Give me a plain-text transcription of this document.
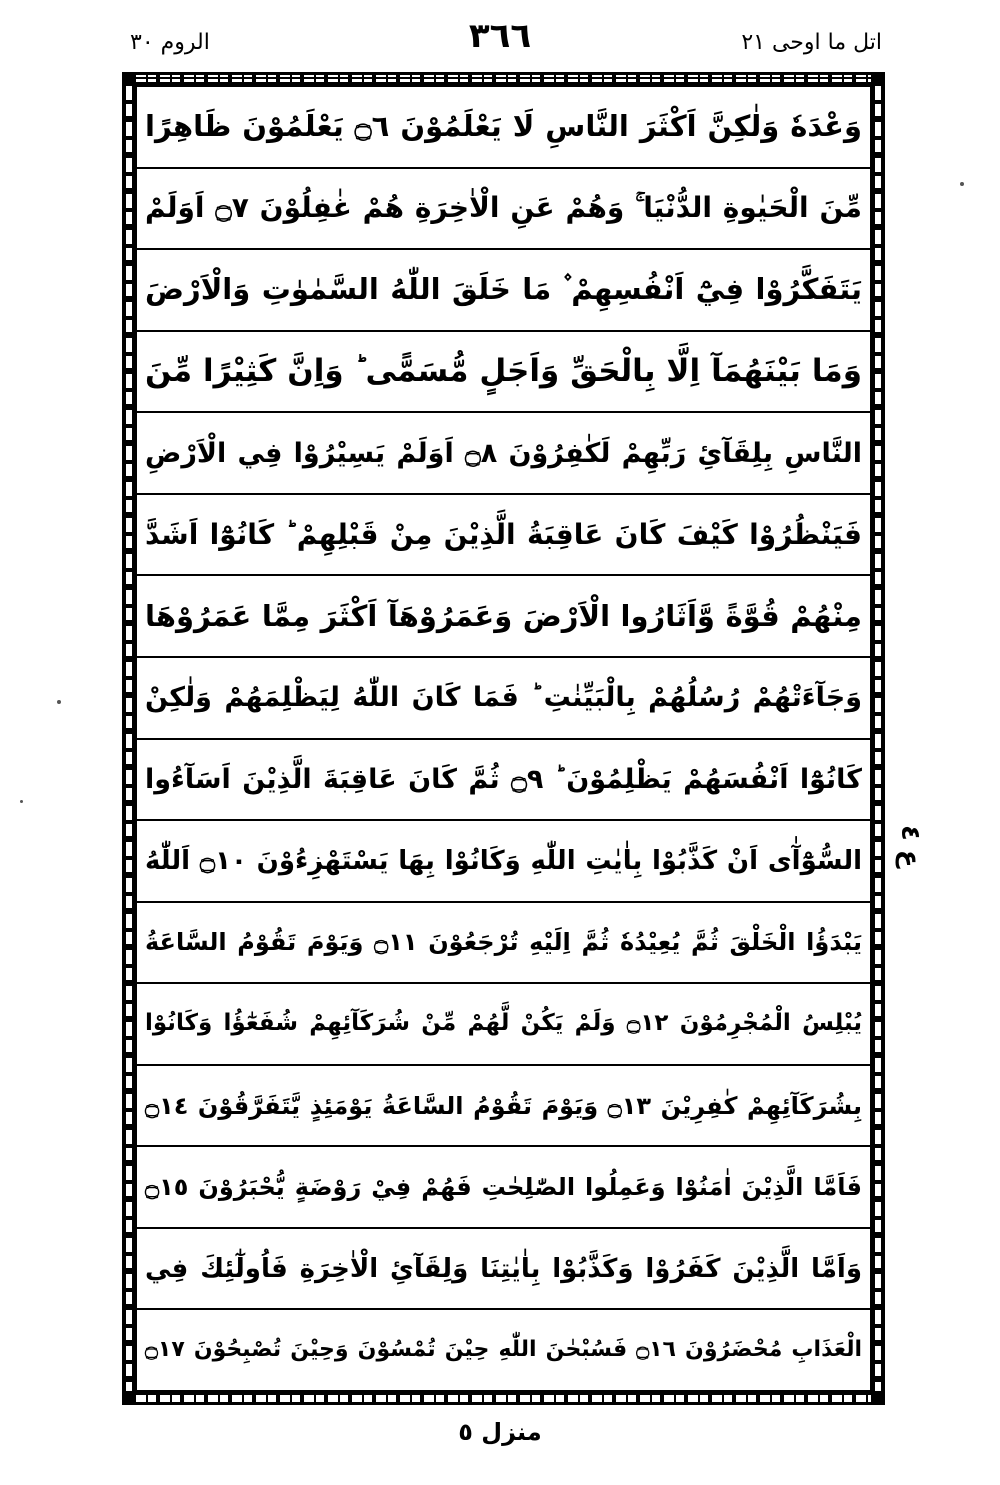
الروم ٣٠	٣٦٦	اتل ما اوحى ٢١
وَعْدَهٗ وَلٰكِنَّ اَكْثَرَ النَّاسِ لَا يَعْلَمُوْنَ ۝٦ يَعْلَمُوْنَ ظَاهِرًا
مِّنَ الْحَيٰوةِ الدُّنْيَا ۚ وَهُمْ عَنِ الْاٰخِرَةِ هُمْ غٰفِلُوْنَ ۝٧ اَوَلَمْ
يَتَفَكَّرُوْا فِيْٓ اَنْفُسِهِمْ ۫ مَا خَلَقَ اللّٰهُ السَّمٰوٰتِ وَالْاَرْضَ
وَمَا بَيْنَهُمَآ اِلَّا بِالْحَقِّ وَاَجَلٍ مُّسَمًّى ؕ وَاِنَّ كَثِيْرًا مِّنَ
النَّاسِ بِلِقَآئِ رَبِّهِمْ لَكٰفِرُوْنَ ۝٨ اَوَلَمْ يَسِيْرُوْا فِي الْاَرْضِ
فَيَنْظُرُوْا كَيْفَ كَانَ عَاقِبَةُ الَّذِيْنَ مِنْ قَبْلِهِمْ ؕ كَانُوْٓا اَشَدَّ
مِنْهُمْ قُوَّةً وَّاَثَارُوا الْاَرْضَ وَعَمَرُوْهَآ اَكْثَرَ مِمَّا عَمَرُوْهَا
وَجَآءَتْهُمْ رُسُلُهُمْ بِالْبَيِّنٰتِ ؕ فَمَا كَانَ اللّٰهُ لِيَظْلِمَهُمْ وَلٰكِنْ
كَانُوْٓا اَنْفُسَهُمْ يَظْلِمُوْنَ ؕ ۝٩ ثُمَّ كَانَ عَاقِبَةَ الَّذِيْنَ اَسَآءُوا
السُّوْٓآٰى اَنْ كَذَّبُوْا بِاٰيٰتِ اللّٰهِ وَكَانُوْا بِهَا يَسْتَهْزِءُوْنَ ۝١٠ اَللّٰهُ
يَبْدَؤُا الْخَلْقَ ثُمَّ يُعِيْدُهٗ ثُمَّ اِلَيْهِ تُرْجَعُوْنَ ۝١١ وَيَوْمَ تَقُوْمُ السَّاعَةُ
يُبْلِسُ الْمُجْرِمُوْنَ ۝١٢ وَلَمْ يَكُنْ لَّهُمْ مِّنْ شُرَكَآئِهِمْ شُفَعٰٓؤُا وَكَانُوْا
بِشُرَكَآئِهِمْ كٰفِرِيْنَ ۝١٣ وَيَوْمَ تَقُوْمُ السَّاعَةُ يَوْمَئِذٍ يَّتَفَرَّقُوْنَ ۝١٤
فَاَمَّا الَّذِيْنَ اٰمَنُوْا وَعَمِلُوا الصّٰلِحٰتِ فَهُمْ فِيْ رَوْضَةٍ يُّحْبَرُوْنَ ۝١٥
وَاَمَّا الَّذِيْنَ كَفَرُوْا وَكَذَّبُوْا بِاٰيٰتِنَا وَلِقَآئِ الْاٰخِرَةِ فَاُولٰٓئِكَ فِي
الْعَذَابِ مُحْضَرُوْنَ ۝١٦ فَسُبْحٰنَ اللّٰهِ حِيْنَ تُمْسُوْنَ وَحِيْنَ تُصْبِحُوْنَ ۝١٧
ع ٤
منزل ٥
